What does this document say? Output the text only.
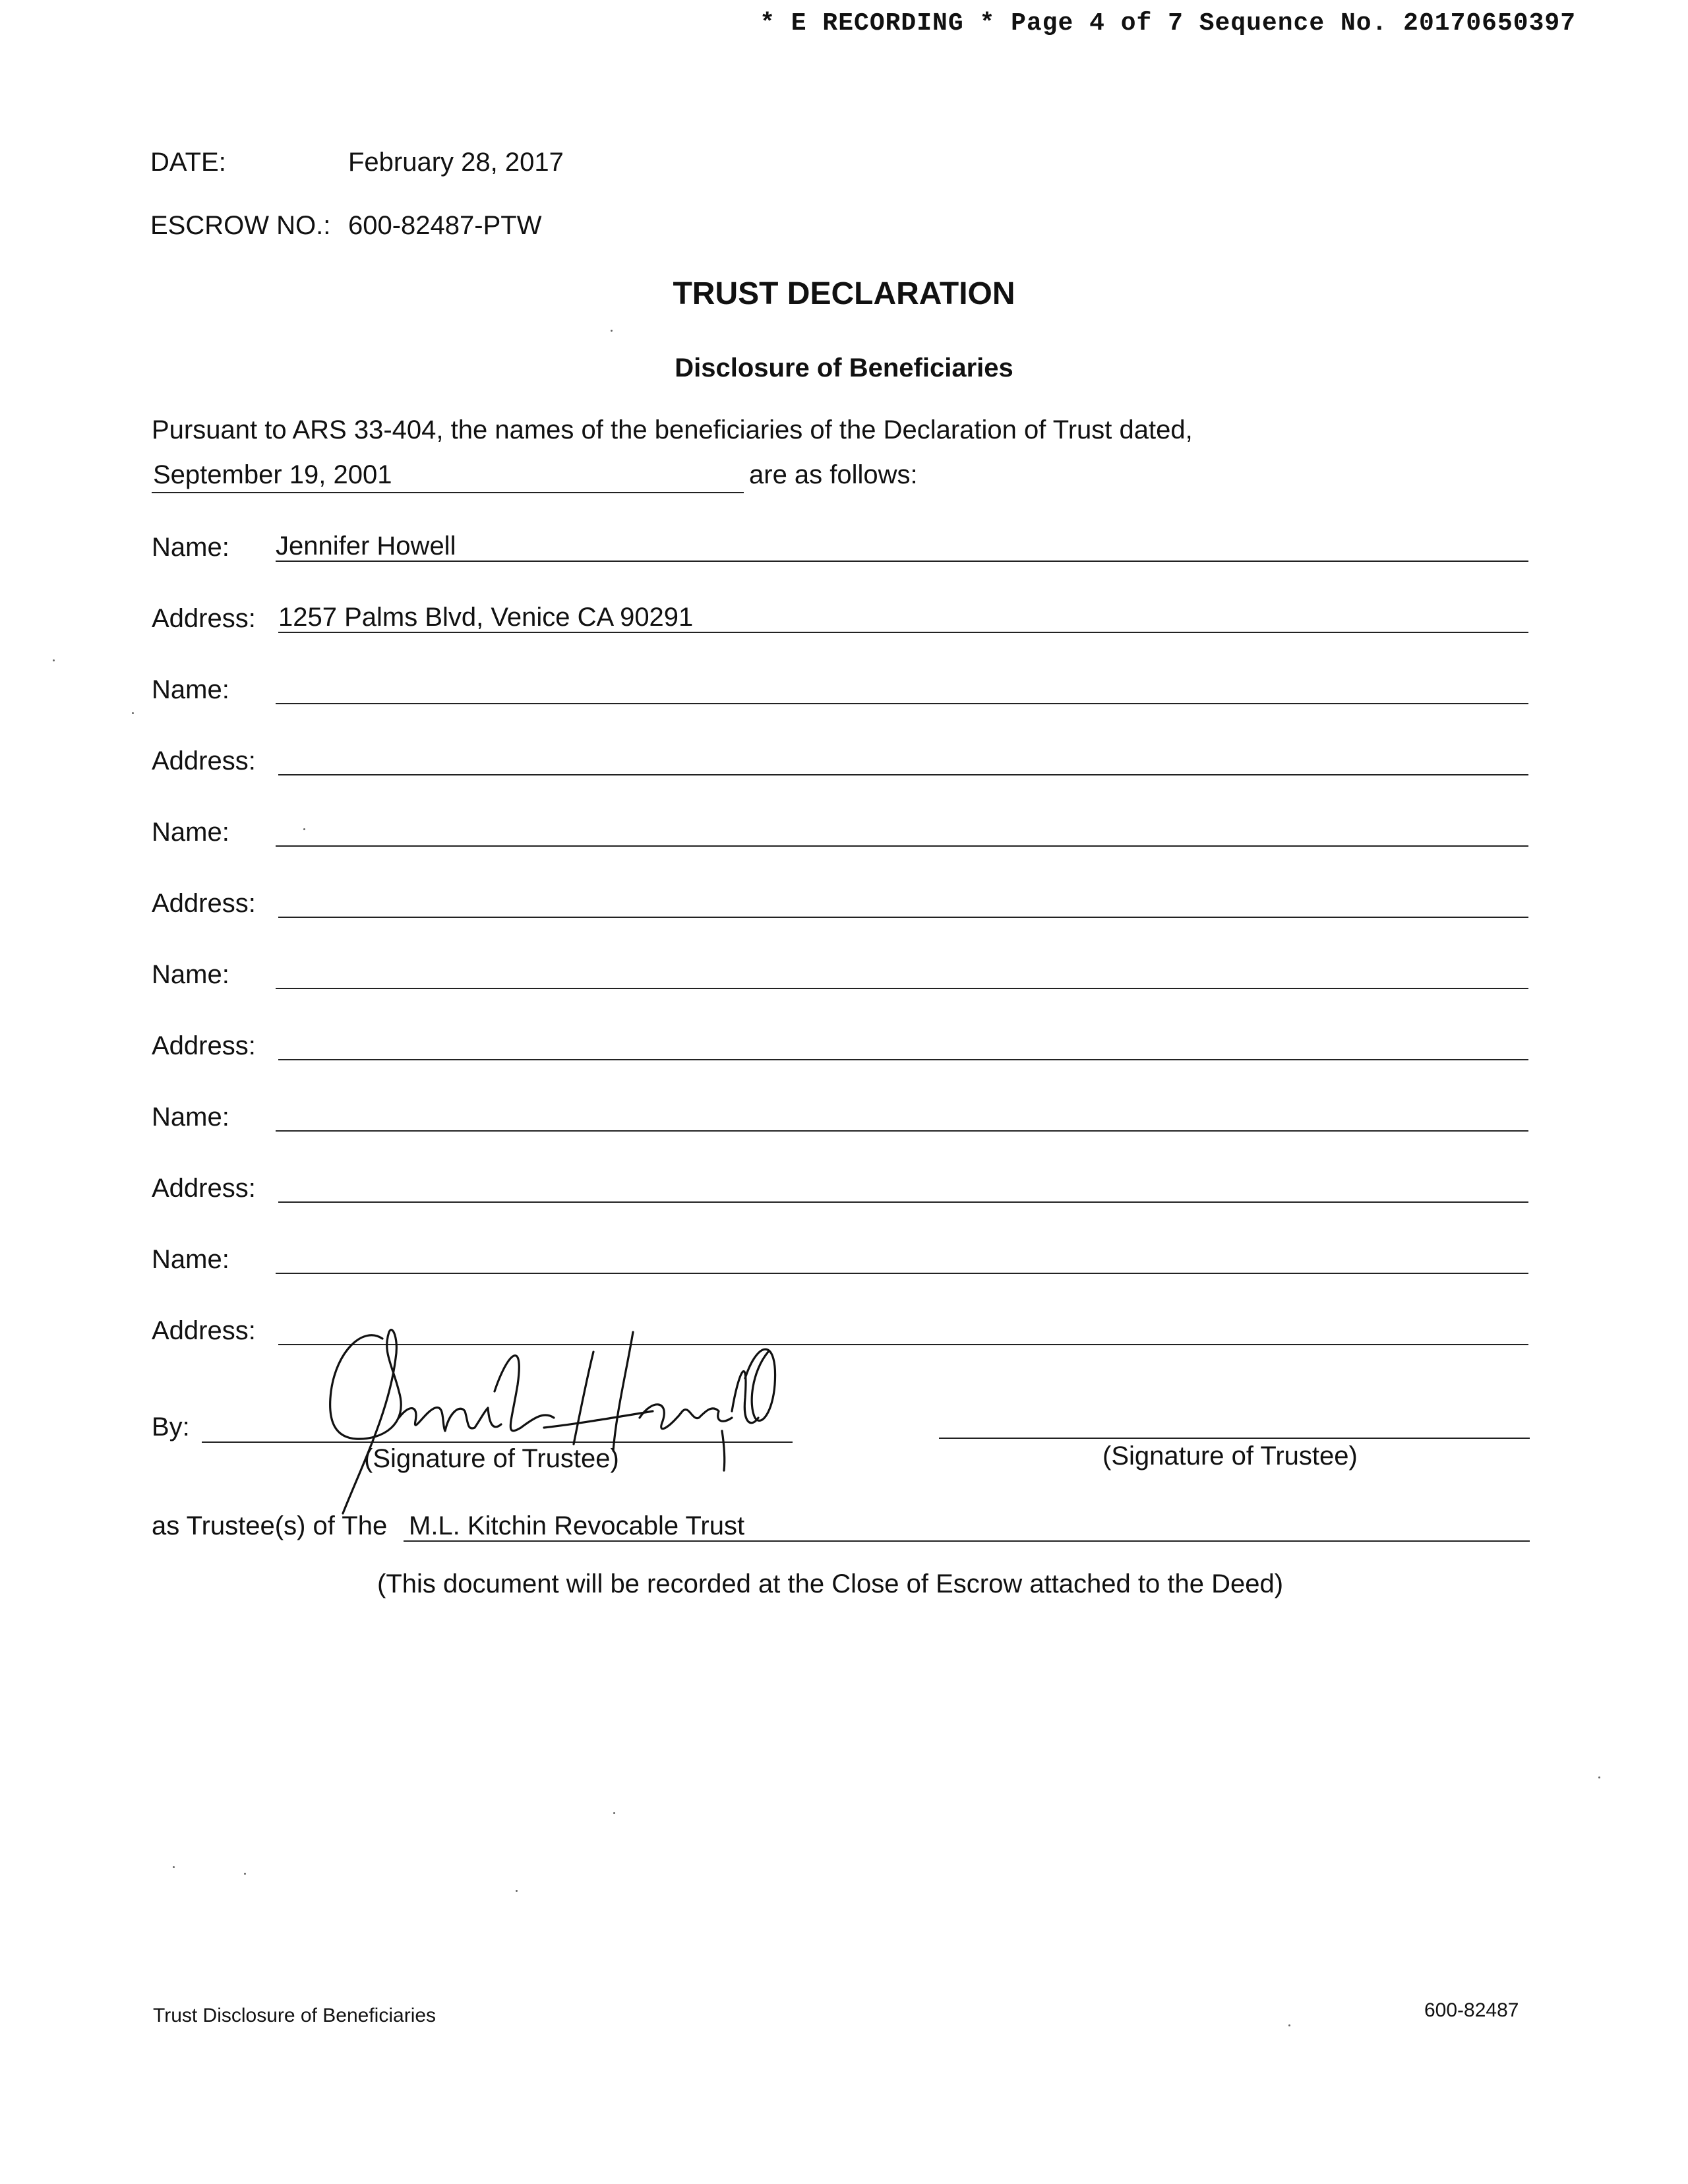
* E RECORDING * Page 4 of 7 Sequence No. 20170650397
DATE:	February 28, 2017
ESCROW NO.: 600-82487-PTW
TRUST DECLARATION
Disclosure of Beneficiaries
Pursuant to ARS 33-404, the names of the beneficiaries of the Declaration of Trust dated,
September 19, 2001	are as follows:
Name: Jennifer Howell
Address: 1257 Palms Blvd, Venice CA 90291
Name:
Address:
Name:
Address:
Name:
Address:
Name:
Address:
Name:
Address:
By:
(Signature of Trustee)	(Signature of Trustee)
as Trustee(s) of The M.L. Kitchin Revocable Trust
(This document will be recorded at the Close of Escrow attached to the Deed)
Trust Disclosure of Beneficiaries	600-82487
